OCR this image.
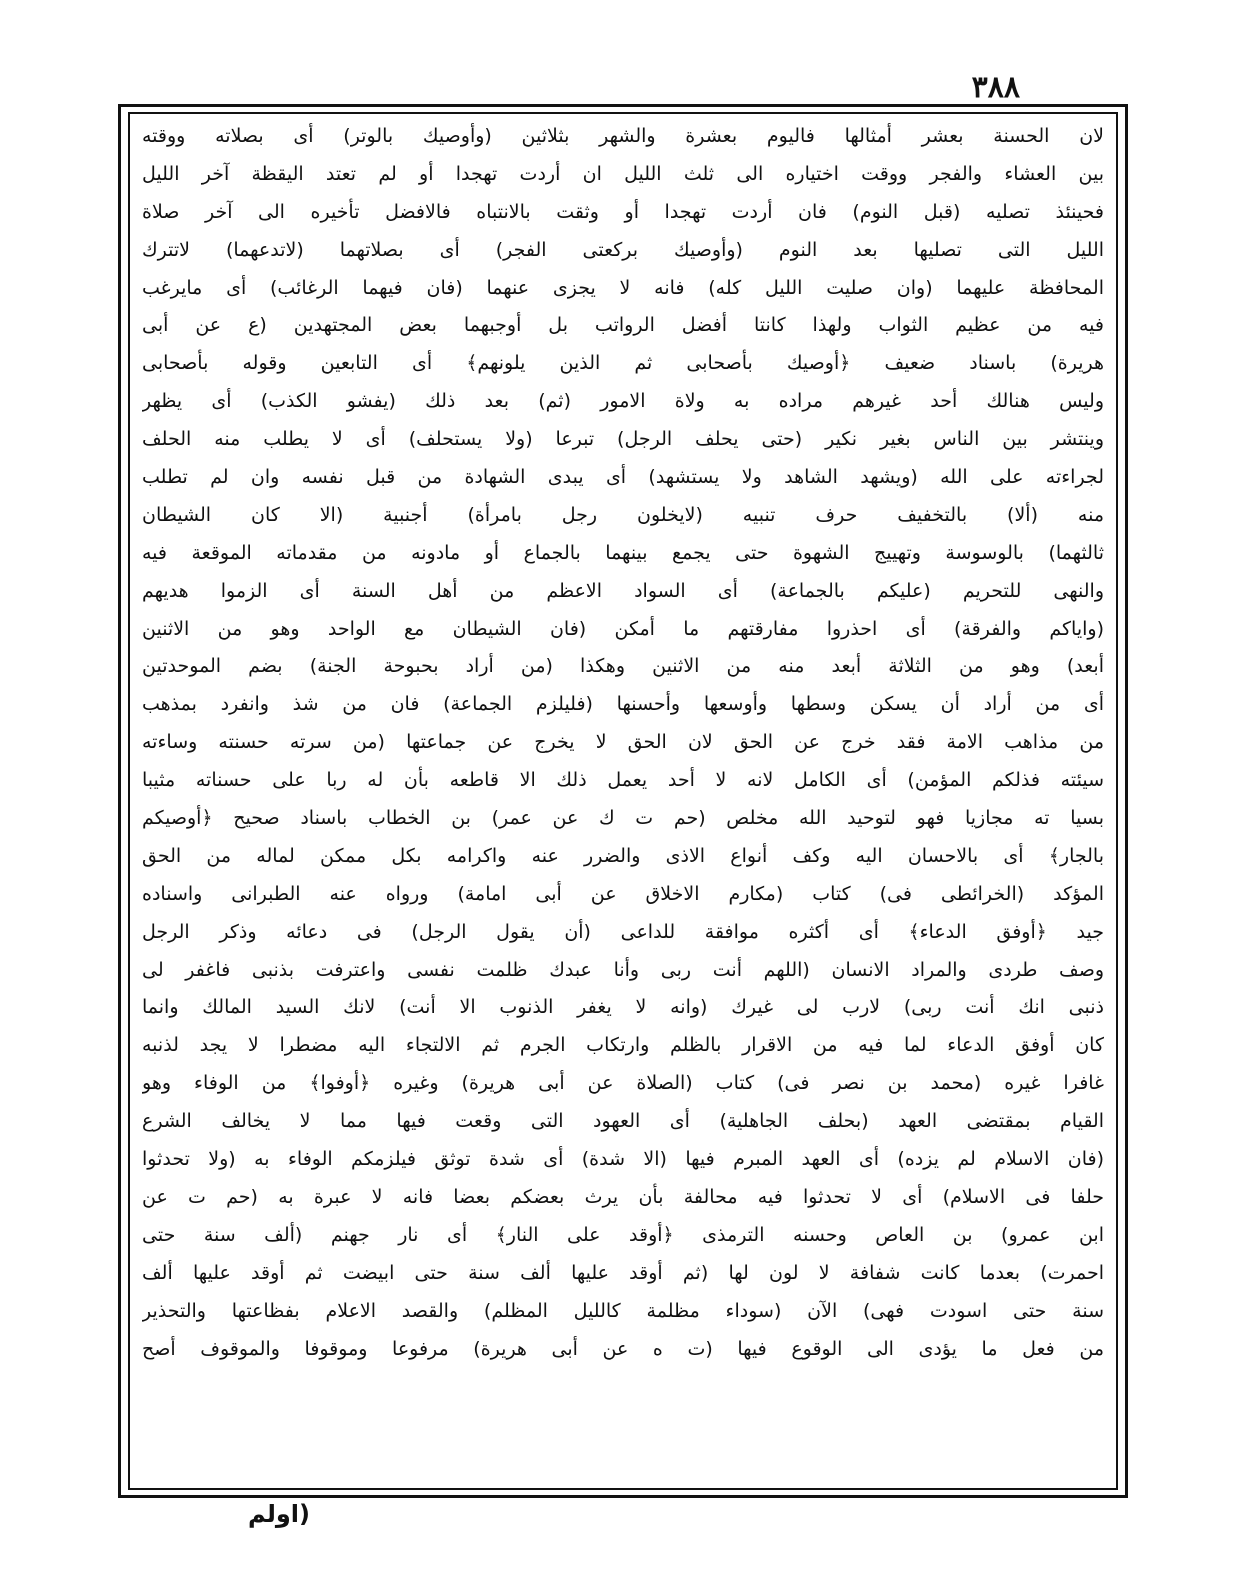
٣٨٨
لان الحسنة بعشر أمثالها فاليوم بعشرة والشهر بثلاثين (وأوصيك بالوتر) أى بصلاته ووقته
بين العشاء والفجر ووقت اختياره الى ثلث الليل ان أردت تهجدا أو لم تعتد اليقظة آخر الليل
فحينئذ تصليه (قبل النوم) فان أردت تهجدا أو وثقت بالانتباه فالافضل تأخيره الى آخر صلاة
الليل التى تصليها بعد النوم (وأوصيك بركعتى الفجر) أى بصلاتهما (لاتدعهما) لاتترك
المحافظة عليهما (وان صليت الليل كله) فانه لا يجزى عنهما (فان فيهما الرغائب) أى مايرغب
فيه من عظيم الثواب ولهذا كانتا أفضل الرواتب بل أوجبهما بعض المجتهدين (ع عن أبى
هريرة) باسناد ضعيف ﴿أوصيك بأصحابى ثم الذين يلونهم﴾ أى التابعين وقوله بأصحابى
وليس هنالك أحد غيرهم مراده به ولاة الامور (ثم) بعد ذلك (يفشو الكذب) أى يظهر
وينتشر بين الناس بغير نكير (حتى يحلف الرجل) تبرعا (ولا يستحلف) أى لا يطلب منه الحلف
لجراءته على الله (ويشهد الشاهد ولا يستشهد) أى يبدى الشهادة من قبل نفسه وان لم تطلب
منه (ألا) بالتخفيف حرف تنبيه (لايخلون رجل بامرأة) أجنبية (الا كان الشيطان
ثالثهما) بالوسوسة وتهييج الشهوة حتى يجمع بينهما بالجماع أو مادونه من مقدماته الموقعة فيه
والنهى للتحريم (عليكم بالجماعة) أى السواد الاعظم من أهل السنة أى الزموا هديهم
(واياكم والفرقة) أى احذروا مفارقتهم ما أمكن (فان الشيطان مع الواحد وهو من الاثنين
أبعد) وهو من الثلاثة أبعد منه من الاثنين وهكذا (من أراد بحبوحة الجنة) بضم الموحدتين
أى من أراد أن يسكن وسطها وأوسعها وأحسنها (فليلزم الجماعة) فان من شذ وانفرد بمذهب
من مذاهب الامة فقد خرج عن الحق لان الحق لا يخرج عن جماعتها (من سرته حسنته وساءته
سيئته فذلكم المؤمن) أى الكامل لانه لا أحد يعمل ذلك الا قاطعه بأن له ربا على حسناته مثيبا
بسيا ته مجازيا فهو لتوحيد الله مخلص (حم ت ك عن عمر) بن الخطاب باسناد صحيح ﴿أوصيكم
بالجار﴾ أى بالاحسان اليه وكف أنواع الاذى والضرر عنه واكرامه بكل ممكن لماله من الحق
المؤكد (الخرائطى فى) كتاب (مكارم الاخلاق عن أبى امامة) ورواه عنه الطبرانى واسناده
جيد ﴿أوفق الدعاء﴾ أى أكثره موافقة للداعى (أن يقول الرجل) فى دعائه وذكر الرجل
وصف طردى والمراد الانسان (اللهم أنت ربى وأنا عبدك ظلمت نفسى واعترفت بذنبى فاغفر لى
ذنبى انك أنت ربى) لارب لى غيرك (وانه لا يغفر الذنوب الا أنت) لانك السيد المالك وانما
كان أوفق الدعاء لما فيه من الاقرار بالظلم وارتكاب الجرم ثم الالتجاء اليه مضطرا لا يجد لذنبه
غافرا غيره (محمد بن نصر فى) كتاب (الصلاة عن أبى هريرة) وغيره ﴿أوفوا﴾ من الوفاء وهو
القيام بمقتضى العهد (بحلف الجاهلية) أى العهود التى وقعت فيها مما لا يخالف الشرع
(فان الاسلام لم يزده) أى العهد المبرم فيها (الا شدة) أى شدة توثق فيلزمكم الوفاء به (ولا تحدثوا
حلفا فى الاسلام) أى لا تحدثوا فيه محالفة بأن يرث بعضكم بعضا فانه لا عبرة به (حم ت عن
ابن عمرو) بن العاص وحسنه الترمذى ﴿أوقد على النار﴾ أى نار جهنم (ألف سنة حتى
احمرت) بعدما كانت شفافة لا لون لها (ثم أوقد عليها ألف سنة حتى ابيضت ثم أوقد عليها ألف
سنة حتى اسودت فهى) الآن (سوداء مظلمة كالليل المظلم) والقصد الاعلام بفظاعتها والتحذير
من فعل ما يؤدى الى الوقوع فيها (ت ه عن أبى هريرة) مرفوعا وموقوفا والموقوف أصح
(اولم
